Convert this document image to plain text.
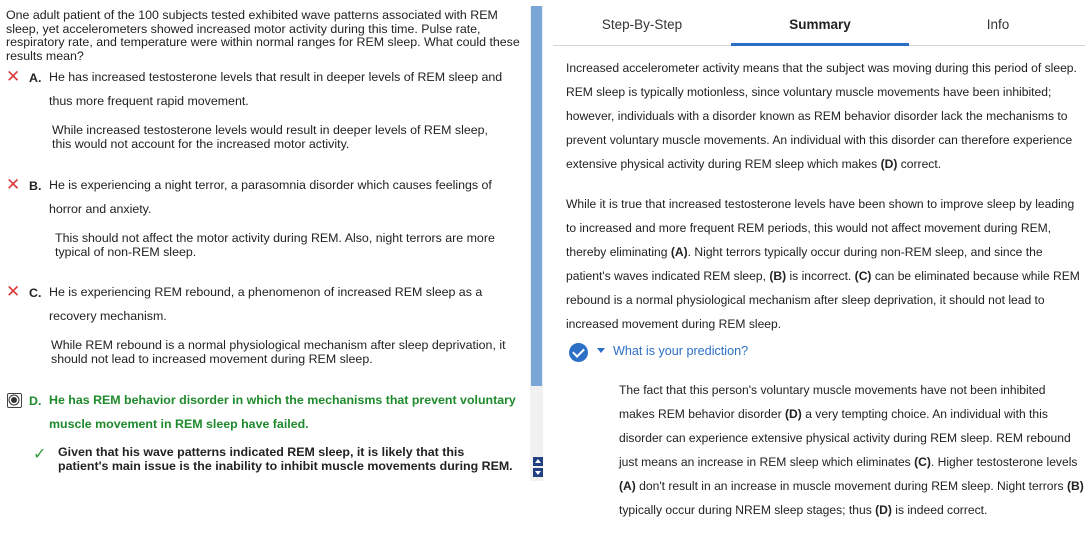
One adult patient of the 100 subjects tested exhibited wave patterns associated with REM sleep, yet accelerometers showed increased motor activity during this time. Pulse rate, respiratory rate, and temperature were within normal ranges for REM sleep. What could these results mean?
✕ A. He has increased testosterone levels that result in deeper levels of REM sleep and thus more frequent rapid movement.
While increased testosterone levels would result in deeper levels of REM sleep, this would not account for the increased motor activity.
✕ B. He is experiencing a night terror, a parasomnia disorder which causes feelings of horror and anxiety.
This should not affect the motor activity during REM. Also, night terrors are more typical of non-REM sleep.
✕ C. He is experiencing REM rebound, a phenomenon of increased REM sleep as a recovery mechanism.
While REM rebound is a normal physiological mechanism after sleep deprivation, it should not lead to increased movement during REM sleep.
D. He has REM behavior disorder in which the mechanisms that prevent voluntary muscle movement in REM sleep have failed.
✓ Given that his wave patterns indicated REM sleep, it is likely that this patient's main issue is the inability to inhibit muscle movements during REM.
Step-By-Step	Summary	Info
Increased accelerometer activity means that the subject was moving during this period of sleep. REM sleep is typically motionless, since voluntary muscle movements have been inhibited; however, individuals with a disorder known as REM behavior disorder lack the mechanisms to prevent voluntary muscle movements. An individual with this disorder can therefore experience extensive physical activity during REM sleep which makes (D) correct.
While it is true that increased testosterone levels have been shown to improve sleep by leading to increased and more frequent REM periods, this would not affect movement during REM, thereby eliminating (A). Night terrors typically occur during non-REM sleep, and since the patient's waves indicated REM sleep, (B) is incorrect. (C) can be eliminated because while REM rebound is a normal physiological mechanism after sleep deprivation, it should not lead to increased movement during REM sleep.
What is your prediction?
The fact that this person's voluntary muscle movements have not been inhibited makes REM behavior disorder (D) a very tempting choice. An individual with this disorder can experience extensive physical activity during REM sleep. REM rebound just means an increase in REM sleep which eliminates (C). Higher testosterone levels (A) don't result in an increase in muscle movement during REM sleep. Night terrors (B) typically occur during NREM sleep stages; thus (D) is indeed correct.
